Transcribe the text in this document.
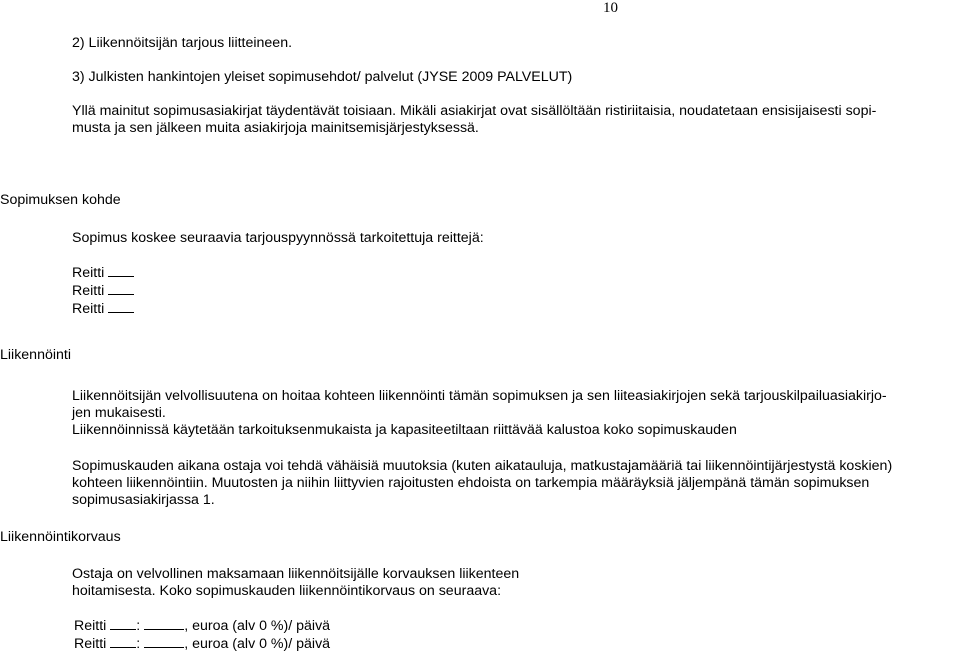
10
2) Liikennöitsijän tarjous liitteineen.
3) Julkisten hankintojen yleiset sopimusehdot/ palvelut (JYSE 2009 PALVELUT)
Yllä mainitut sopimusasiakirjat täydentävät toisiaan. Mikäli asiakirjat ovat sisällöltään ristiriitaisia, noudatetaan ensisijaisesti sopi-
musta ja sen jälkeen muita asiakirjoja mainitsemisjärjestyksessä.
Sopimuksen kohde
Sopimus koskee seuraavia tarjouspyynnössä tarkoitettuja reittejä:
Reitti
Reitti
Reitti
Liikennöinti
Liikennöitsijän velvollisuutena on hoitaa kohteen liikennöinti tämän sopimuksen ja sen liiteasiakirjojen sekä tarjouskilpailuasiakirjo-
jen mukaisesti.
Liikennöinnissä käytetään tarkoituksenmukaista ja kapasiteetiltaan riittävää kalustoa koko sopimuskauden
Sopimuskauden aikana ostaja voi tehdä vähäisiä muutoksia (kuten aikatauluja, matkustajamääriä tai liikennöintijärjestystä koskien)
kohteen liikennöintiin. Muutosten ja niihin liittyvien rajoitusten ehdoista on tarkempia määräyksiä jäljempänä tämän sopimuksen
sopimusasiakirjassa 1.
Liikennöintikorvaus
Ostaja on velvollinen maksamaan liikennöitsijälle korvauksen liikenteen
hoitamisesta. Koko sopimuskauden liikennöintikorvaus on seuraava:
Reitti :	, euroa (alv 0 %)/ päivä
Reitti :	, euroa (alv 0 %)/ päivä
